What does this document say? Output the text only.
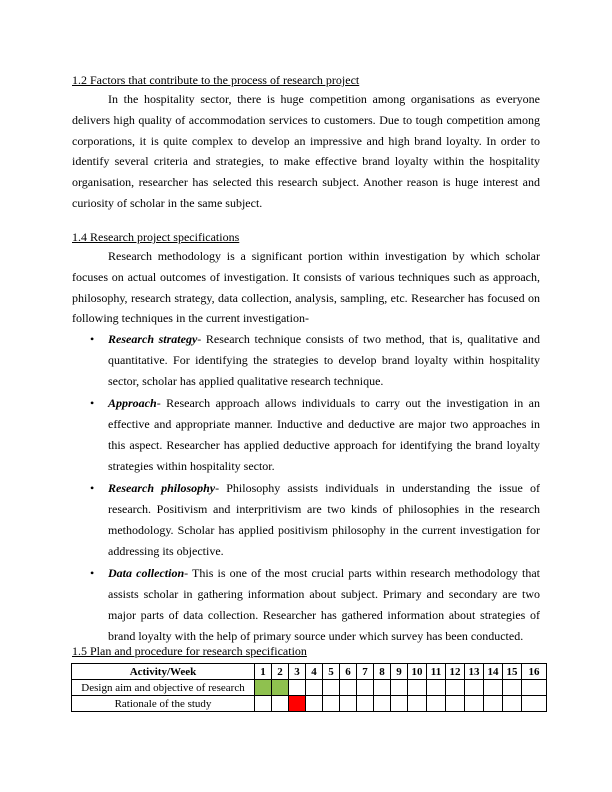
1.2 Factors that contribute to the process of research project

In the hospitality sector, there is huge competition among organisations as everyone delivers high quality of accommodation services to customers. Due to tough competition among corporations, it is quite complex to develop an impressive and high brand loyalty. In order to identify several criteria and strategies, to make effective brand loyalty within the hospitality organisation, researcher has selected this research subject. Another reason is huge interest and curiosity of scholar in the same subject.

1.4 Research project specifications

Research methodology is a significant portion within investigation by which scholar focuses on actual outcomes of investigation. It consists of various techniques such as approach, philosophy, research strategy, data collection, analysis, sampling, etc. Researcher has focused on following techniques in the current investigation-

• Research strategy- Research technique consists of two method, that is, qualitative and quantitative. For identifying the strategies to develop brand loyalty within hospitality sector, scholar has applied qualitative research technique.
• Approach- Research approach allows individuals to carry out the investigation in an effective and appropriate manner. Inductive and deductive are major two approaches in this aspect. Researcher has applied deductive approach for identifying the brand loyalty strategies within hospitality sector.
• Research philosophy- Philosophy assists individuals in understanding the issue of research. Positivism and interpritivism are two kinds of philosophies in the research methodology. Scholar has applied positivism philosophy in the current investigation for addressing its objective.
• Data collection- This is one of the most crucial parts within research methodology that assists scholar in gathering information about subject. Primary and secondary are two major parts of data collection. Researcher has gathered information about strategies of brand loyalty with the help of primary source under which survey has been conducted.
1.5 Plan and procedure for research specification
Activity/Week	1	2	3	4	5	6	7	8	9	10	11	12	13	14	15	16
Design aim and objective of research																
Rationale of the study																
